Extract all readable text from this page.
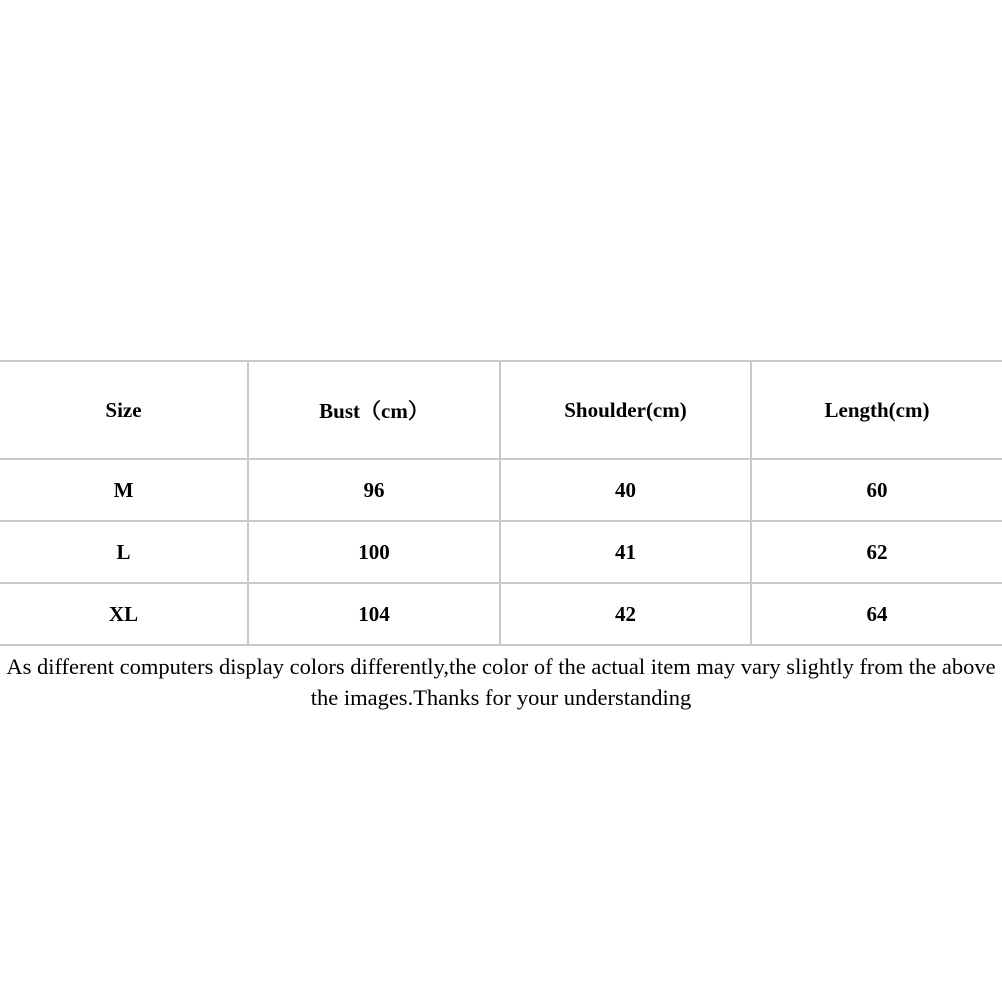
Size	Bust（cm）	Shoulder(cm)	Length(cm)
M	96	40	60
L	100	41	62
XL	104	42	64
As different computers display colors differently,the color of the actual item may vary slightly from the above
the images.Thanks for your understanding
